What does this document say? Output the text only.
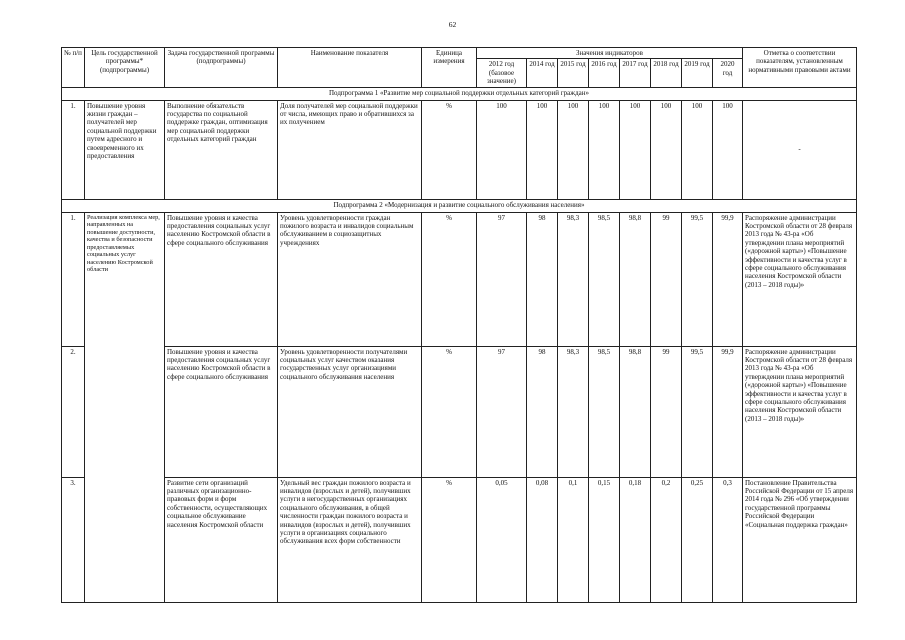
62
№ п/п	Цель государственной программы* (подпрограммы)	Задача государственной программы (подпрограммы)	Наименование показателя	Единица измерения	Значения индикаторов								Отметка о соответствии показателям, установленным нормативными правовыми актами
					2012 год (базовое значение)	2014 год	2015 год	2016 год	2017 год	2018 год	2019 год	2020 год	
Подпрограмма 1 «Развитие мер социальной поддержки отдельных категорий граждан»													
1.	Повышение уровня жизни граждан – получателей мер социальной поддержки путем адресного и своевременного их предоставления	Выполнение обязательств государства по социальной поддержке граждан, оптимизация мер социальной поддержки отдельных категорий граждан	Доля получателей мер социальной поддержки от числа, имеющих право и обратившихся за их получением	%	100	100	100	100	100	100	100	100	-
Подпрограмма 2 «Модернизация и развитие социального обслуживания населения»													
1.	Реализация комплекса мер, направленных на повышение доступности, качества и безопасности предоставляемых социальных услуг населению Костромской области	Повышение уровня и качества предоставления социальных услуг населению Костромской области в сфере социального обслуживания	Уровень удовлетворенности граждан пожилого возраста и инвалидов социальным обслуживанием в социозащитных учреждениях	%	97	98	98,3	98,5	98,8	99	99,5	99,9	Распоряжение администрации Костромской области от 28 февраля 2013 года № 43-ра «Об утверждении плана мероприятий («дорожной карты») «Повышение эффективности и качества услуг в сфере социального обслуживания населения Костромской области (2013 – 2018 годы)»
2.		Повышение уровня и качества предоставления социальных услуг населению Костромской области в сфере социального обслуживания	Уровень удовлетворенности получателями социальных услуг качеством оказания государственных услуг организациями социального обслуживания населения	%	97	98	98,3	98,5	98,8	99	99,5	99,9	Распоряжение администрации Костромской области от 28 февраля 2013 года № 43-ра «Об утверждении плана мероприятий («дорожной карты») «Повышение эффективности и качества услуг в сфере социального обслуживания населения Костромской области (2013 – 2018 годы)»
3.		Развитие сети организаций различных организационно-правовых форм и форм собственности, осуществляющих социальное обслуживание населения Костромской области	Удельный вес граждан пожилого возраста и инвалидов (взрослых и детей), получивших услуги в негосударственных организациях социального обслуживания, в общей численности граждан пожилого возраста и инвалидов (взрослых и детей), получивших услуги в организациях социального обслуживания всех форм собственности	%	0,05	0,08	0,1	0,15	0,18	0,2	0,25	0,3	Постановление Правительства Российской Федерации от 15 апреля 2014 года № 296 «Об утверждении государственной программы Российской Федерации «Социальная поддержка граждан»
